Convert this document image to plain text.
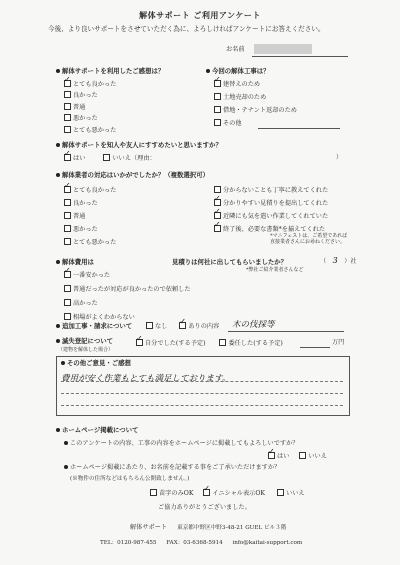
解体サポート ご利用アンケート
今後、より良いサポートをさせていただく為に、よろしければアンケートにお答えください。
お名前
解体サポートを利用したご感想は？
✓とても良かった
良かった
普通
悪かった
とても悪かった
今回の解体工事は？
✓建替えのため
土地売却のため
借地・テナント返却のため
その他
解体サポートを知人や友人にすすめたいと思いますか？
✓はい	いいえ（理由：	）
解体業者の対応はいかがでしたか？（複数選択可）
✓とても良かった
良かった
普通
悪かった
とても悪かった
分からないことも丁寧に教えてくれた
✓分かりやすい見積りを提出してくれた
✓近隣にも気を遣い作業してくれていた
✓終了後、必要な書類*を揃えてくれた
*マニフェストは、ご希望であれば
直接業者さんにお尋ねください。
解体費用は	見積りは何社に出してもらいましたか？
*弊社ご紹介業者さんなど
（ 3 ）社
✓一番安かった
普通だったが対応が良かったので依頼した
高かった
相場がよくわからない
追加工事・請求について	なし ✓	ありの内容 木の伐採等
滅失登記について
（建物を解体した場合）
✓自分でした(する予定)	委任した(する予定)	万円
その他ご意見・ご感想
費用が安く作業もとても満足しております。
ホームページ掲載について
このアンケートの内容、工事の内容をホームページに掲載してもよろしいですか？
✓はい	いいえ
ホームページ掲載にあたり、お名前を記載する事をご了承いただけますか？
(※物件の住所などはもちろん公開致しません。)
苗字のみOK ✓	イニシャル表示OK	いいえ
ご協力ありがとうございました。
解体サポート 東京都中野区中野3-48-21 GUEL ビル３階
TEL：0120-987-455 FAX：03-6368-5914 info@kaitai-support.com
